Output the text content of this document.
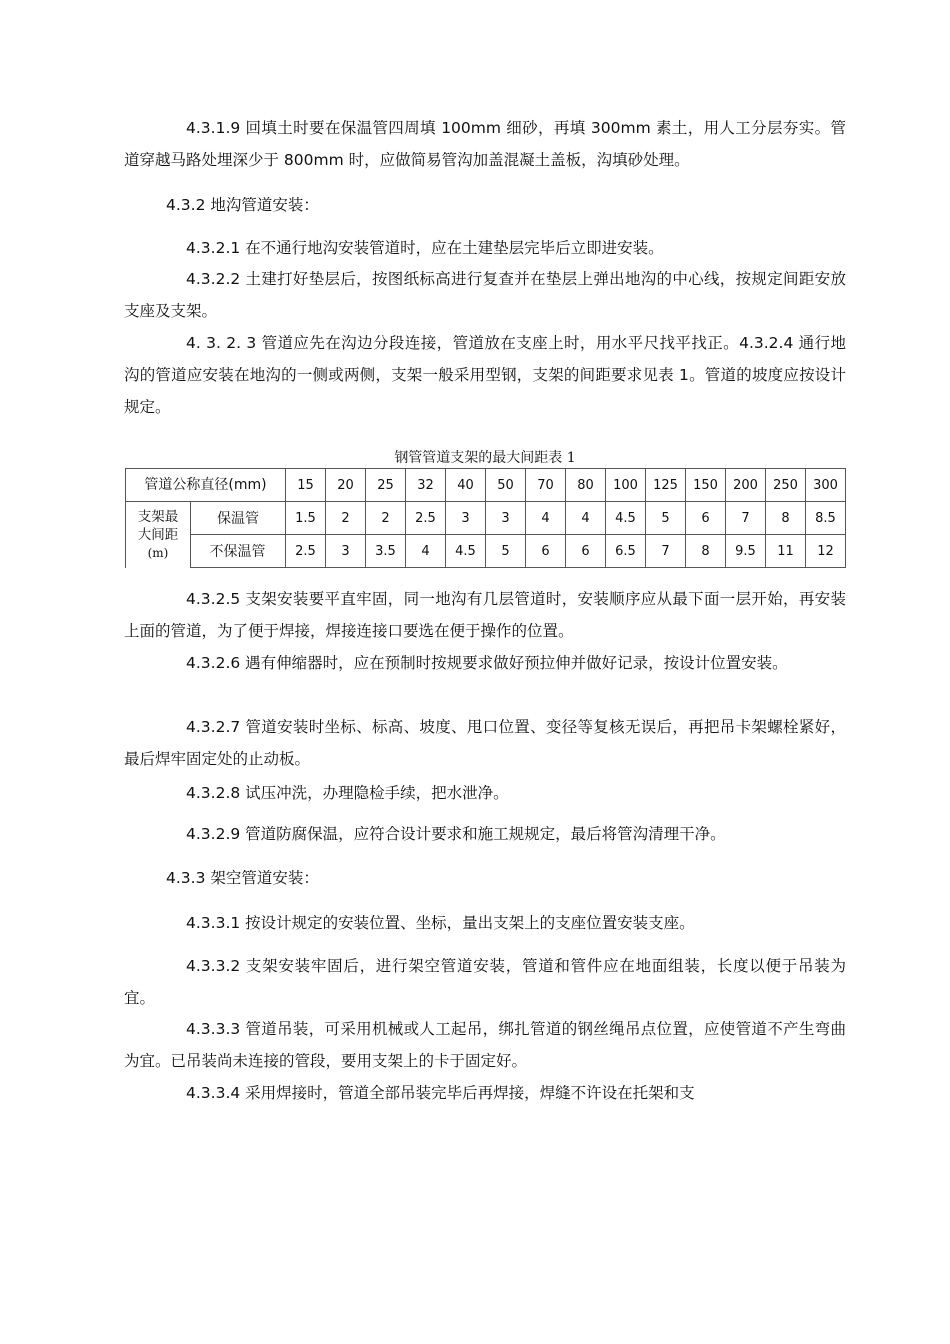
4.3.1.9 回填土时要在保温管四周填 100mm 细砂，再填 300mm 素土，用人工分层夯实。管道穿越马路处埋深少于 800mm 时，应做简易管沟加盖混凝土盖板，沟填砂处理。

4.3.2 地沟管道安装：

4.3.2.1 在不通行地沟安装管道时，应在土建垫层完毕后立即进安装。

4.3.2.2 土建打好垫层后，按图纸标高进行复查并在垫层上弹出地沟的中心线，按规定间距安放支座及支架。

4. 3. 2. 3 管道应先在沟边分段连接，管道放在支座上时，用水平尺找平找正。4.3.2.4 通行地沟的管道应安装在地沟的一侧或两侧，支架一般采用型钢，支架的间距要求见表 1。管道的坡度应按设计规定。

钢管管道支架的最大间距表 1
管道公称直径(mm)	15	20	25	32	40	50	70	80	100	125	150	200	250	300

支架最
大间距
(m)
保温管	1.5	2	2	2.5	3	3	4	4	4.5	5	6	7	8	8.5

不保温管	2.5	3	3.5	4	4.5	5	6	6	6.5	7	8	9.5	11	12

4.3.2.5 支架安装要平直牢固，同一地沟有几层管道时，安装顺序应从最下面一层开始，再安装上面的管道，为了便于焊接，焊接连接口要选在便于操作的位置。

4.3.2.6 遇有伸缩器时，应在预制时按规要求做好预拉伸并做好记录，按设计位置安装。

4.3.2.7 管道安装时坐标、标高、坡度、甩口位置、变径等复核无误后，再把吊卡架螺栓紧好，最后焊牢固定处的止动板。

4.3.2.8 试压冲洗，办理隐检手续，把水泄净。

4.3.2.9 管道防腐保温，应符合设计要求和施工规规定，最后将管沟清理干净。

4.3.3 架空管道安装：

4.3.3.1 按设计规定的安装位置、坐标，量出支架上的支座位置安装支座。

4.3.3.2 支架安装牢固后，进行架空管道安装，管道和管件应在地面组装，长度以便于吊装为宜。

4.3.3.3 管道吊装，可采用机械或人工起吊，绑扎管道的钢丝绳吊点位置，应使管道不产生弯曲为宜。已吊装尚未连接的管段，要用支架上的卡于固定好。

4.3.3.4 采用焊接时，管道全部吊装完毕后再焊接，焊缝不许设在托架和支
